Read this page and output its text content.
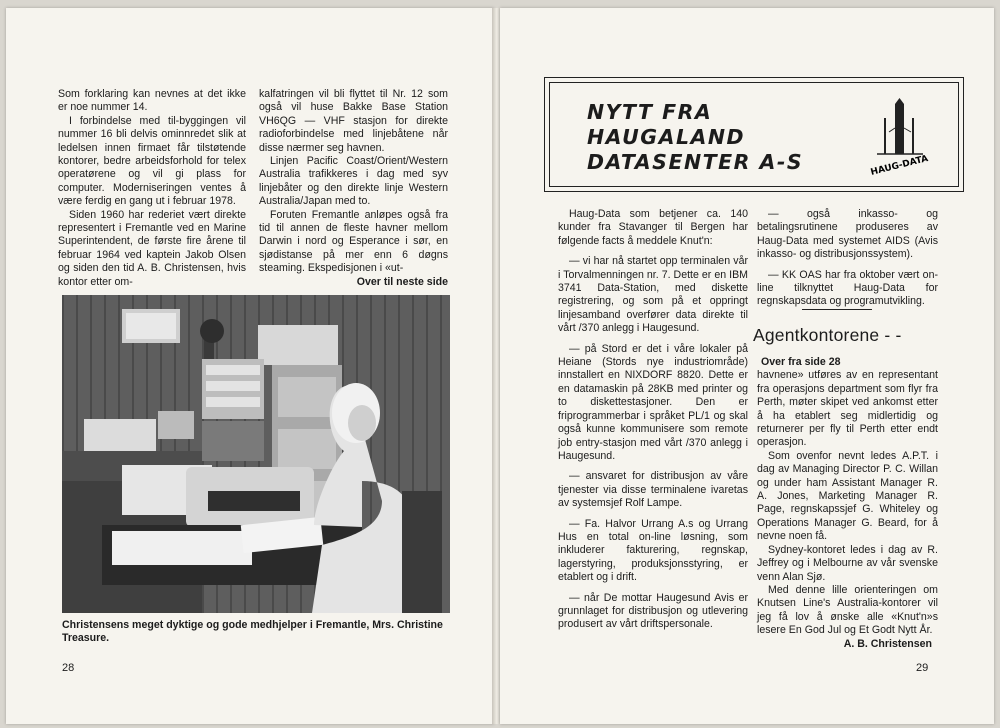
Som forklaring kan nevnes at det ikke er noe nummer 14.

I forbindelse med til-byggingen vil nummer 16 bli delvis ominnredet slik at ledelsen innen firmaet får tilstøtende kontorer, bedre arbeidsforhold for telex operatørene og vil gi plass for computer. Moderniseringen ventes å være ferdig en gang ut i februar 1978.

Siden 1960 har rederiet vært direkte representert i Fremantle ved en Marine Superintendent, de første fire årene til februar 1964 ved kaptein Jakob Olsen og siden den tid A. B. Christensen, hvis kontor etter om-

kalfatringen vil bli flyttet til Nr. 12 som også vil huse Bakke Base Station VH6QG — VHF stasjon for direkte radioforbindelse med linjebåtene når disse nærmer seg havnen.

Linjen Pacific Coast/Orient/Western Australia trafikkeres i dag med syv linjebåter og den direkte linje Western Australia/Japan med to.

Foruten Fremantle anløpes også fra tid til annen de fleste havner mellom Darwin i nord og Esperance i sør, en sjødistanse på mer enn 6 døgns steaming. Ekspedisjonen i «ut-

Over til neste side
Christensens meget dyktige og gode medhjelper i Fremantle, Mrs. Christine Treasure.
28
NYTT FRA
HAUGALAND
DATASENTER A-S	HAUG-DATA

Haug-Data som betjener ca. 140 kunder fra Stavanger til Bergen har følgende facts å meddele Knut'n:

— vi har nå startet opp terminalen vår i Torvalmenningen nr. 7. Dette er en IBM 3741 Data-Station, med diskette registrering, og som på et oppringt linjesamband overfører data direkte til vårt /370 anlegg i Haugesund.

— på Stord er det i våre lokaler på Heiane (Stords nye industriområde) innstallert en NIXDORF 8820. Dette er en datamaskin på 28KB med printer og to diskettestasjoner. Den er friprogrammerbar i språket PL/1 og skal også kunne kommunisere som remote job entry-stasjon med vårt /370 anlegg i Haugesund.

— ansvaret for distribusjon av våre tjenester via disse terminalene ivaretas av systemsjef Rolf Lampe.

— Fa. Halvor Urrang A.s og Urrang Hus en total on-line løsning, som inkluderer fakturering, regnskap, lagerstyring, produksjonsstyring, er etablert og i drift.

— når De mottar Haugesund Avis er grunnlaget for distribusjon og utlevering produsert av vårt driftspersonale.

— også inkasso- og betalingsrutinene produseres av Haug-Data med systemet AIDS (Avis inkasso- og distribusjonssystem).

— KK OAS har fra oktober vært on-line tilknyttet Haug-Data for regnskapsdata og programutvikling.

Agentkontorene - -

Over fra side 28

havnene» utføres av en representant fra operasjons department som flyr fra Perth, møter skipet ved ankomst etter å ha etablert seg midlertidig og returnerer per fly til Perth etter endt operasjon.

Som ovenfor nevnt ledes A.P.T. i dag av Managing Director P. C. Willan og under ham Assistant Manager R. A. Jones, Marketing Manager R. Page, regnskapssjef G. Whiteley og Operations Manager G. Beard, for å nevne noen få.

Sydney-kontoret ledes i dag av R. Jeffrey og i Melbourne av vår svenske venn Alan Sjø.

Med denne lille orienteringen om Knutsen Line's Australia-kontorer vil jeg få lov å ønske alle «Knut'n»s lesere En God Jul og Et Godt Nytt År.

A. B. Christensen
29
